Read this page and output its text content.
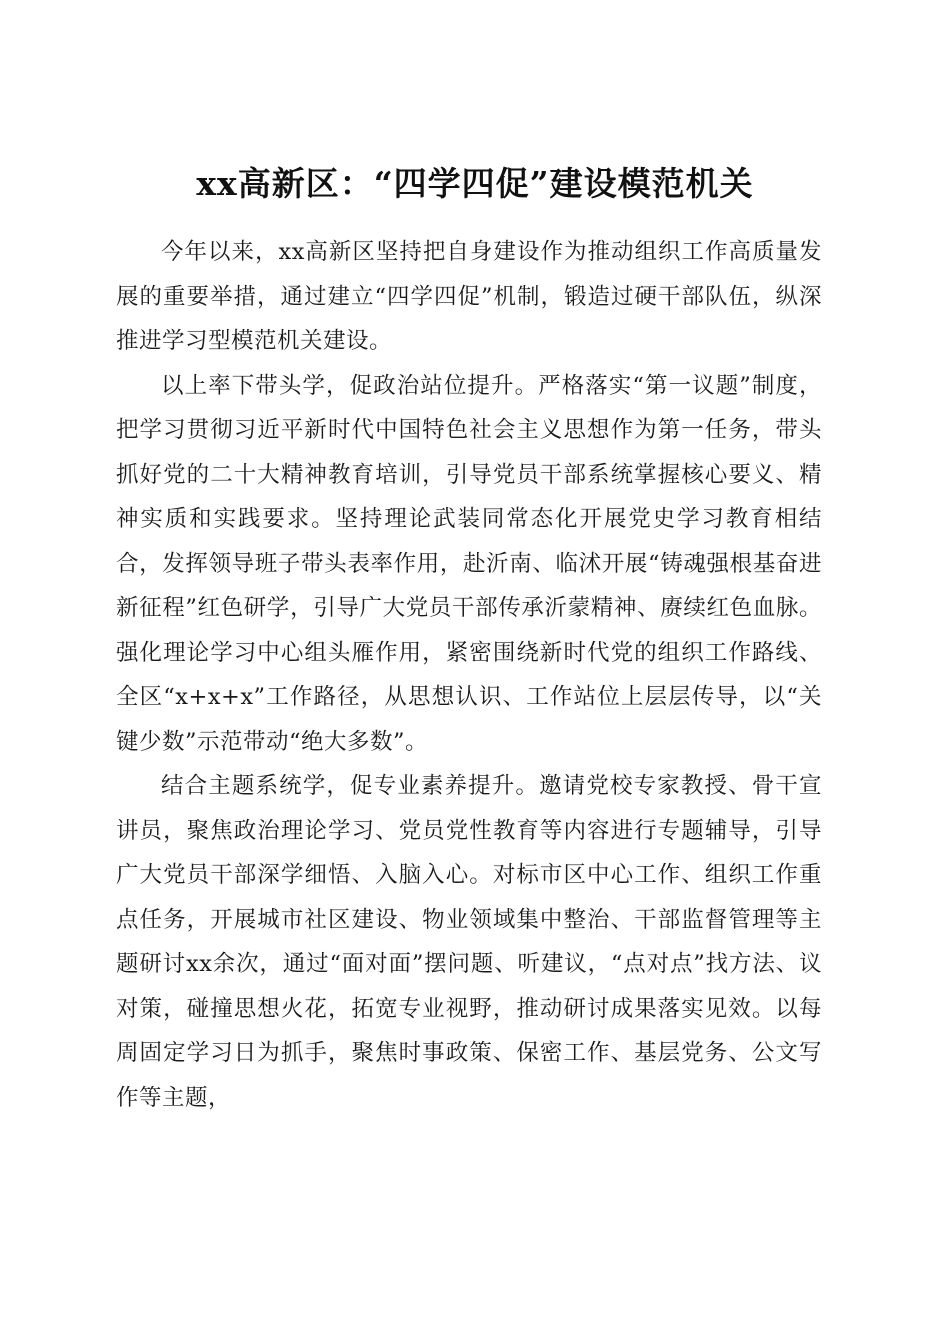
xx高新区：“四学四促”建设模范机关

今年以来，xx高新区坚持把自身建设作为推动组织工作高质量发展的重要举措，通过建立“四学四促”机制，锻造过硬干部队伍，纵深推进学习型模范机关建设。

以上率下带头学，促政治站位提升。严格落实“第一议题”制度，把学习贯彻习近平新时代中国特色社会主义思想作为第一任务，带头抓好党的二十大精神教育培训，引导党员干部系统掌握核心要义、精神实质和实践要求。坚持理论武装同常态化开展党史学习教育相结合，发挥领导班子带头表率作用，赴沂南、临沭开展“铸魂强根基奋进新征程”红色研学，引导广大党员干部传承沂蒙精神、赓续红色血脉。强化理论学习中心组头雁作用，紧密围绕新时代党的组织工作路线、全区“x+x+x”工作路径，从思想认识、工作站位上层层传导，以“关键少数”示范带动“绝大多数”。

结合主题系统学，促专业素养提升。邀请党校专家教授、骨干宣讲员，聚焦政治理论学习、党员党性教育等内容进行专题辅导，引导广大党员干部深学细悟、入脑入心。对标市区中心工作、组织工作重点任务，开展城市社区建设、物业领域集中整治、干部监督管理等主题研讨xx余次，通过“面对面”摆问题、听建议，“点对点”找方法、议对策，碰撞思想火花，拓宽专业视野，推动研讨成果落实见效。以每周固定学习日为抓手，聚焦时事政策、保密工作、基层党务、公文写作等主题，
